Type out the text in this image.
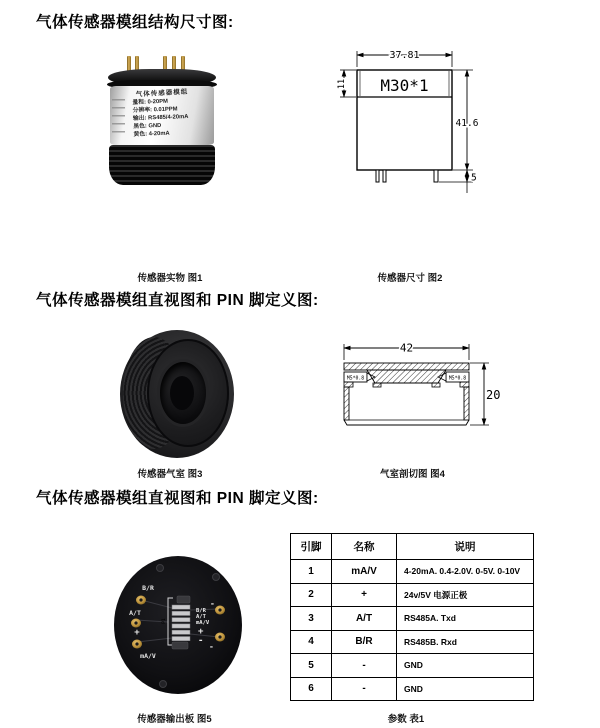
气体传感器模组结构尺寸图:
气体传感器模组直视图和 PIN 脚定义图:
气体传感器模组直视图和 PIN 脚定义图:
气体传感器模组
量程: 0-20PM
分辨率: 0.01PPM
输出: RS485/4-20mA
黑色: GND
黄色: 4-20mA
M30*1
37.81
11
41.6
5
传感器实物 图1	传感器尺寸 图2
42
M5*0.8	M5*0.8
20
传感器气室 图3	气室剖切图 图4
B/R
A/T
+
mA/V
P1
B/R
A/T
mA/V
+
-
-
-
引脚	名称	说明
1	mA/V	4-20mA. 0.4-2.0V. 0-5V. 0-10V
2	+	24v/5V 电源正极
3	A/T	RS485A. Txd
4	B/R	RS485B. Rxd
5	-	GND
6	-	GND
传感器输出板 图5	参数 表1
